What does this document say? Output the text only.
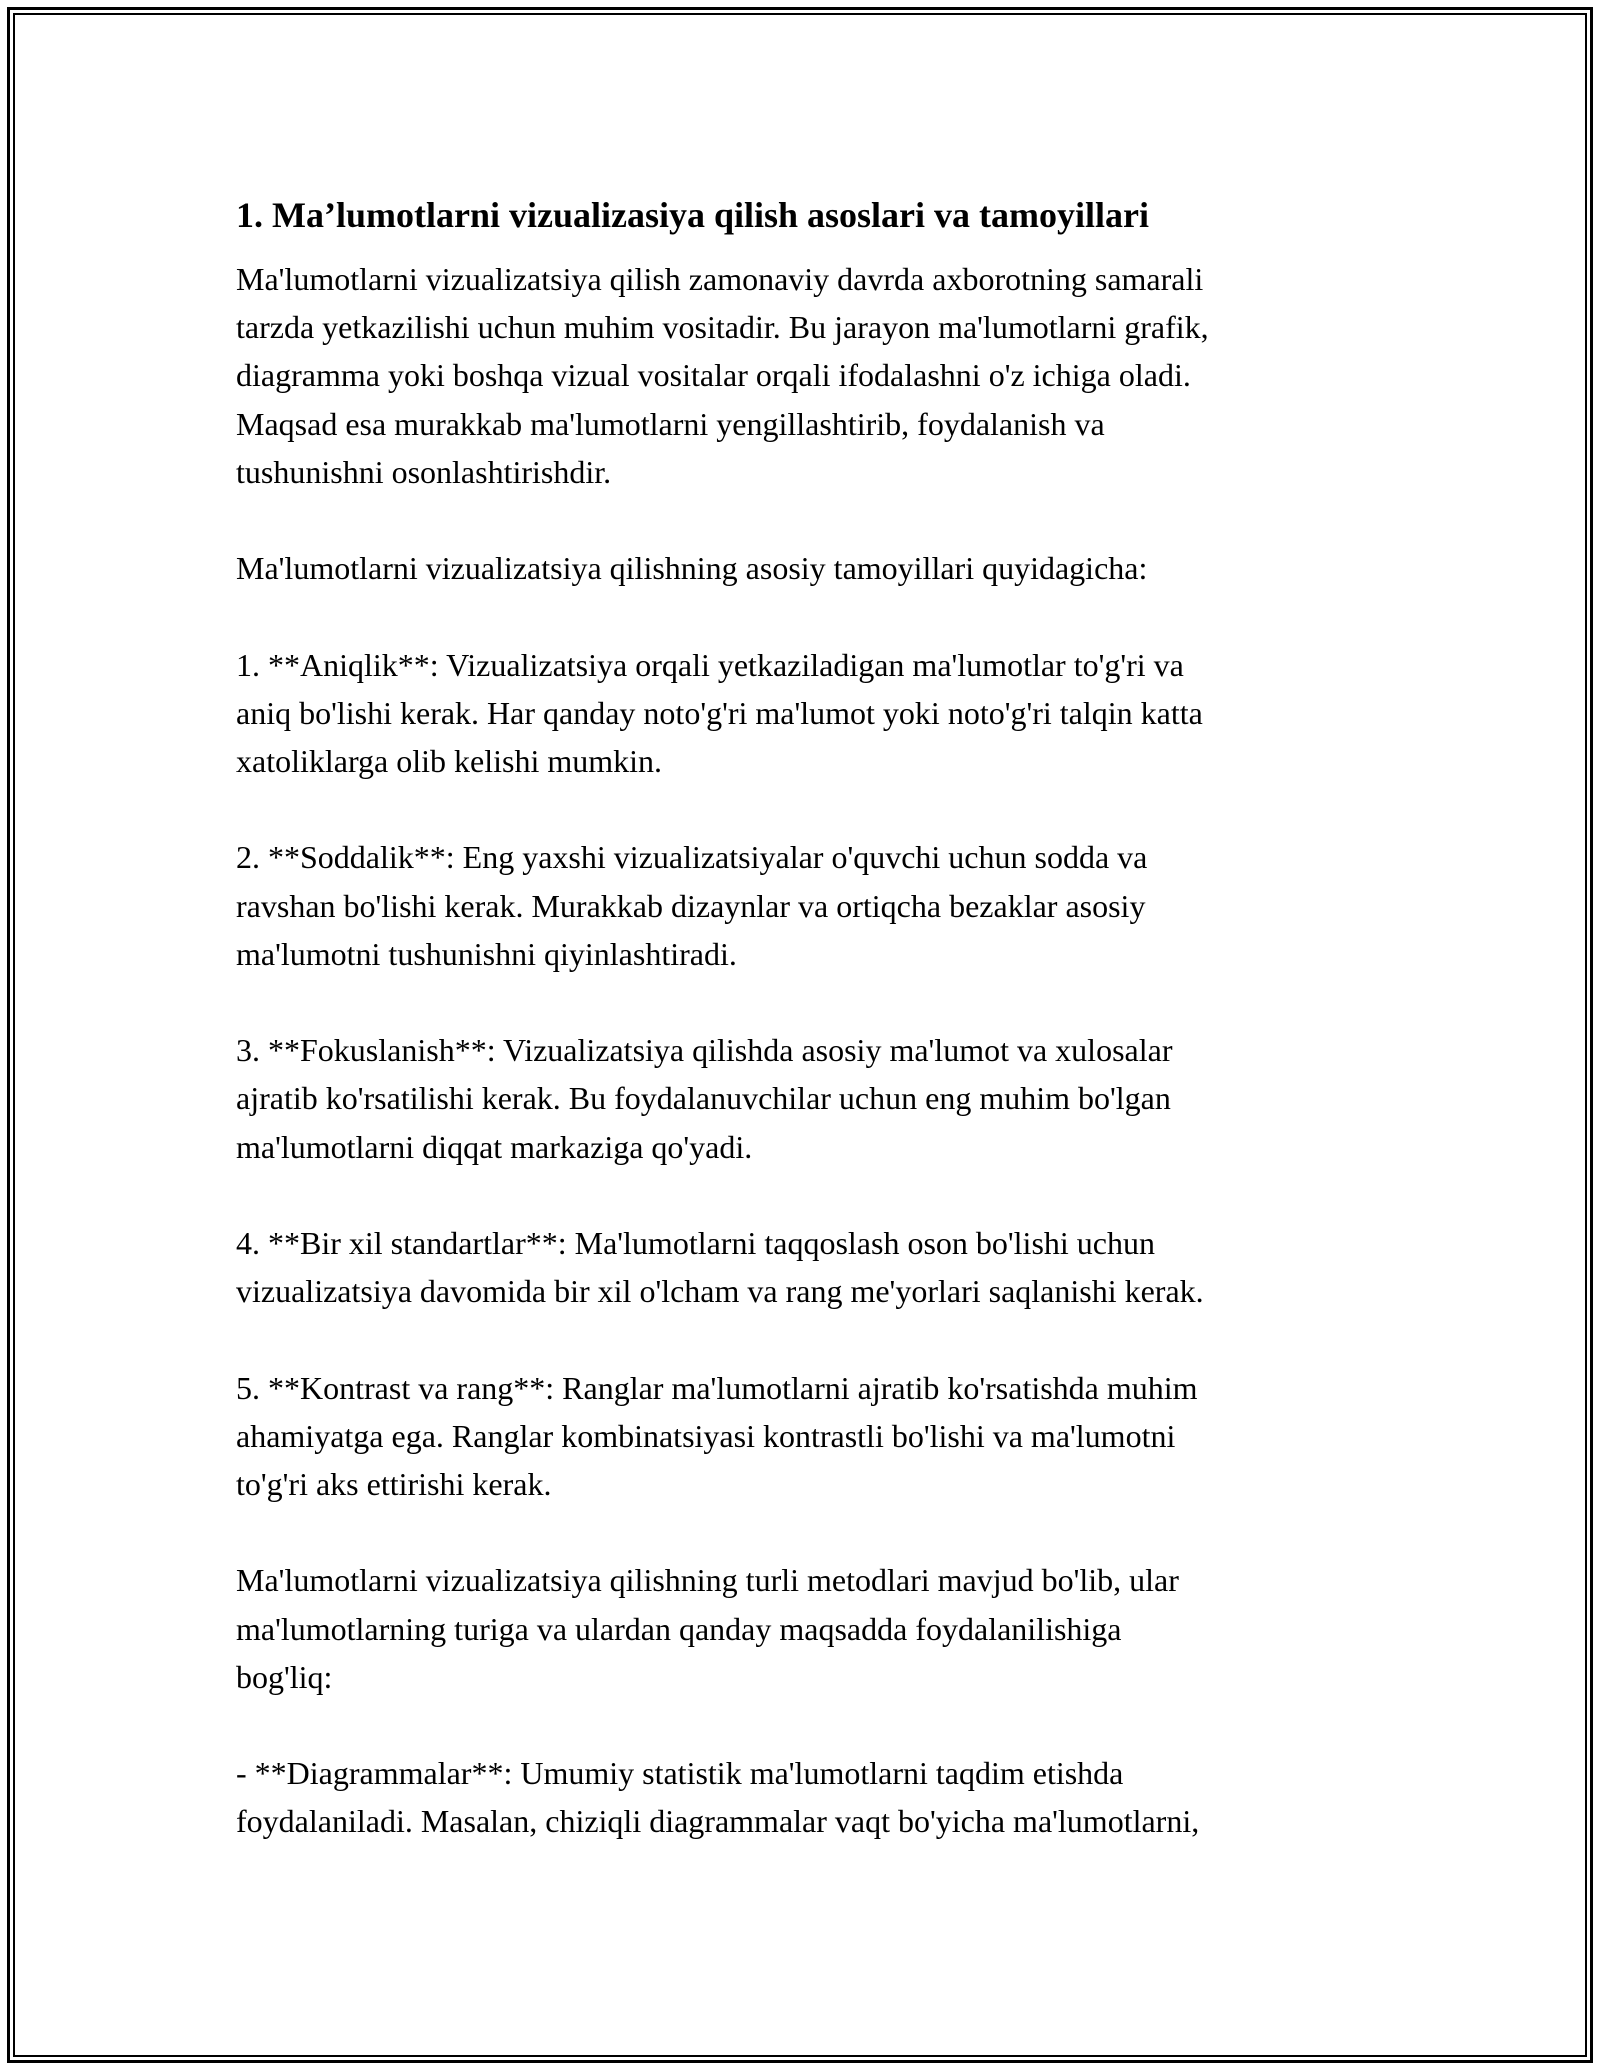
1. Ma’lumotlarni vizualizasiya qilish asoslari va tamoyillari

Ma'lumotlarni vizualizatsiya qilish zamonaviy davrda axborotning samarali
tarzda yetkazilishi uchun muhim vositadir. Bu jarayon ma'lumotlarni grafik,
diagramma yoki boshqa vizual vositalar orqali ifodalashni o'z ichiga oladi.
Maqsad esa murakkab ma'lumotlarni yengillashtirib, foydalanish va
tushunishni osonlashtirishdir.

Ma'lumotlarni vizualizatsiya qilishning asosiy tamoyillari quyidagicha:

1. **Aniqlik**: Vizualizatsiya orqali yetkaziladigan ma'lumotlar to'g'ri va
aniq bo'lishi kerak. Har qanday noto'g'ri ma'lumot yoki noto'g'ri talqin katta
xatoliklarga olib kelishi mumkin.

2. **Soddalik**: Eng yaxshi vizualizatsiyalar o'quvchi uchun sodda va
ravshan bo'lishi kerak. Murakkab dizaynlar va ortiqcha bezaklar asosiy
ma'lumotni tushunishni qiyinlashtiradi.

3. **Fokuslanish**: Vizualizatsiya qilishda asosiy ma'lumot va xulosalar
ajratib ko'rsatilishi kerak. Bu foydalanuvchilar uchun eng muhim bo'lgan
ma'lumotlarni diqqat markaziga qo'yadi.

4. **Bir xil standartlar**: Ma'lumotlarni taqqoslash oson bo'lishi uchun
vizualizatsiya davomida bir xil o'lcham va rang me'yorlari saqlanishi kerak.

5. **Kontrast va rang**: Ranglar ma'lumotlarni ajratib ko'rsatishda muhim
ahamiyatga ega. Ranglar kombinatsiyasi kontrastli bo'lishi va ma'lumotni
to'g'ri aks ettirishi kerak.

Ma'lumotlarni vizualizatsiya qilishning turli metodlari mavjud bo'lib, ular
ma'lumotlarning turiga va ulardan qanday maqsadda foydalanilishiga
bog'liq:

- **Diagrammalar**: Umumiy statistik ma'lumotlarni taqdim etishda
foydalaniladi. Masalan, chiziqli diagrammalar vaqt bo'yicha ma'lumotlarni,
